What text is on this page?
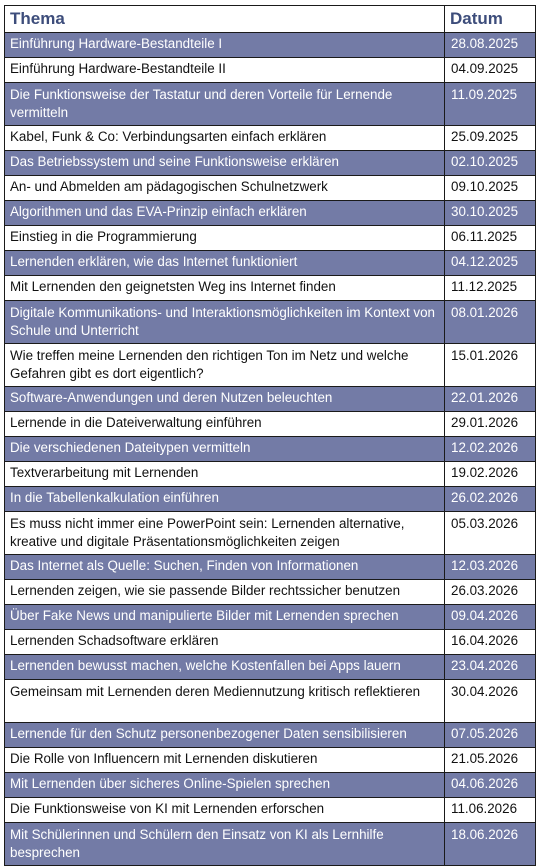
Thema	Datum
Einführung Hardware-Bestandteile I	28.08.2025
Einführung Hardware-Bestandteile II	04.09.2025
Die Funktionsweise der Tastatur und deren Vorteile für Lernende vermitteln	11.09.2025
Kabel, Funk & Co: Verbindungsarten einfach erklären	25.09.2025
Das Betriebssystem und seine Funktionsweise erklären	02.10.2025
An- und Abmelden am pädagogischen Schulnetzwerk	09.10.2025
Algorithmen und das EVA-Prinzip einfach erklären	30.10.2025
Einstieg in die Programmierung	06.11.2025
Lernenden erklären, wie das Internet funktioniert	04.12.2025
Mit Lernenden den geignetsten Weg ins Internet finden	11.12.2025
Digitale Kommunikations- und Interaktionsmöglichkeiten im Kontext von Schule und Unterricht	08.01.2026
Wie treffen meine Lernenden den richtigen Ton im Netz und welche Gefahren gibt es dort eigentlich?	15.01.2026
Software-Anwendungen und deren Nutzen beleuchten	22.01.2026
Lernende in die Dateiverwaltung einführen	29.01.2026
Die verschiedenen Dateitypen vermitteln	12.02.2026
Textverarbeitung mit Lernenden	19.02.2026
In die Tabellenkalkulation einführen	26.02.2026
Es muss nicht immer eine PowerPoint sein: Lernenden alternative, kreative und digitale Präsentationsmöglichkeiten zeigen	05.03.2026
Das Internet als Quelle: Suchen, Finden von Informationen	12.03.2026
Lernenden zeigen, wie sie passende Bilder rechtssicher benutzen	26.03.2026
Über Fake News und manipulierte Bilder mit Lernenden sprechen	09.04.2026
Lernenden Schadsoftware erklären	16.04.2026
Lernenden bewusst machen, welche Kostenfallen bei Apps lauern	23.04.2026
Gemeinsam mit Lernenden deren Mediennutzung kritisch reflektieren	30.04.2026
Lernende für den Schutz personenbezogener Daten sensibilisieren	07.05.2026
Die Rolle von Influencern mit Lernenden diskutieren	21.05.2026
Mit Lernenden über sicheres Online-Spielen sprechen	04.06.2026
Die Funktionsweise von KI mit Lernenden erforschen	11.06.2026
Mit Schülerinnen und Schülern den Einsatz von KI als Lernhilfe besprechen	18.06.2026
